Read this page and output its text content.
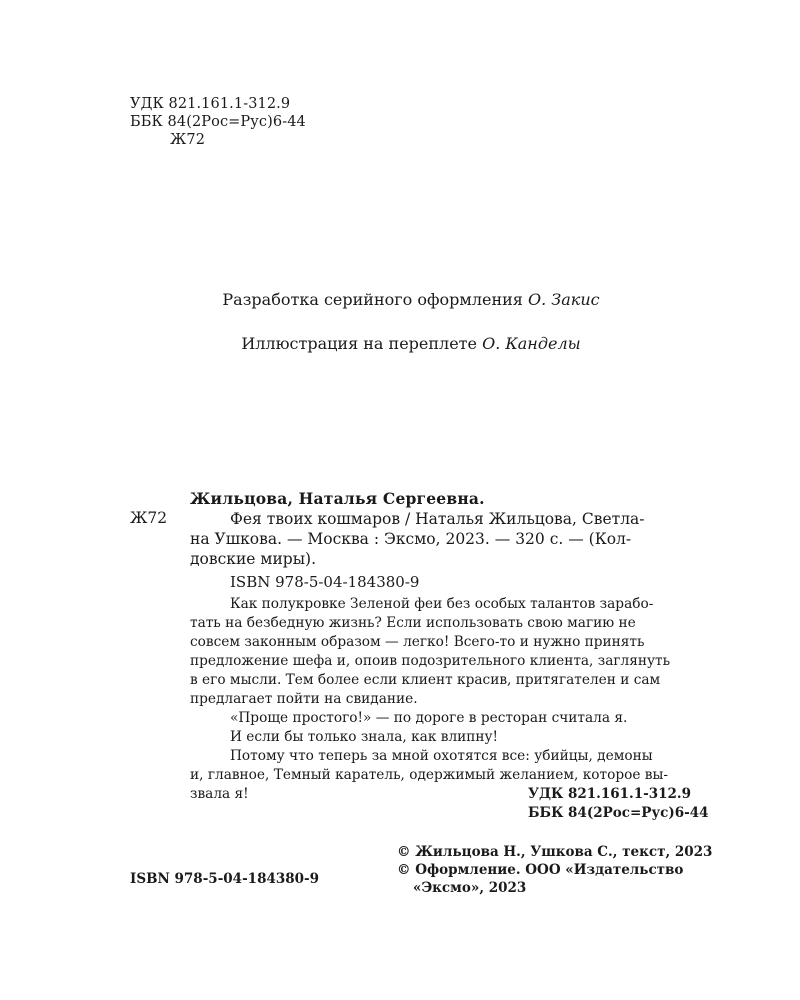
УДК 821.161.1-312.9
ББК 84(2Рос=Рус)6-44
Ж72
Разработка серийного оформления О. Закис
Иллюстрация на переплете О. Канделы
Жильцова, Наталья Сергеевна.
Ж72	Фея твоих кошмаров / Наталья Жильцова, Светла-
на Ушкова. — Москва : Эксмо, 2023. — 320 с. — (Кол-
довские миры).
ISBN 978-5-04-184380-9
Как полукровке Зеленой феи без особых талантов зарабо-
тать на безбедную жизнь? Если использовать свою магию не
совсем законным образом — легко! Всего-то и нужно принять
предложение шефа и, опоив подозрительного клиента, заглянуть
в его мысли. Тем более если клиент красив, притягателен и сам
предлагает пойти на свидание.
«Проще простого!» — по дороге в ресторан считала я.
И если бы только знала, как влипну!
Потому что теперь за мной охотятся все: убийцы, демоны
и, главное, Темный каратель, одержимый желанием, которое вы-
звала я!	УДК 821.161.1-312.9
ББК 84(2Рос=Рус)6-44
ISBN 978-5-04-184380-9
© Жильцова Н., Ушкова С., текст, 2023
© Оформление. ООО «Издательство
«Эксмо», 2023
